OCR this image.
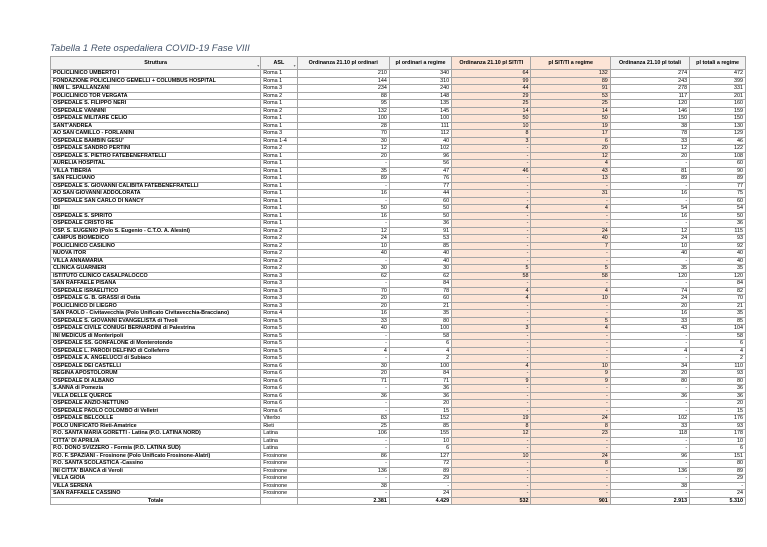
Tabella 1 Rete ospedaliera COVID-19 Fase VIII
Struttura ▾	ASL ▾	Ordinanza 21.10 pl ordinari	pl ordinari a regime	Ordinanza 21.10 pl SIT/TI	pl SIT/TI a regime	Ordinanza 21.10 pl totali	pl totali a regime
POLICLINICO UMBERTO I	Roma 1	210	340	64	132	274	472
FONDAZIONE POLICLINICO GEMELLI + COLUMBUS HOSPITAL	Roma 1	144	310	99	89	243	399
INMI L. SPALLANZANI	Roma 3	234	240	44	91	278	331
POLICLINICO TOR VERGATA	Roma 2	88	148	29	53	117	201
OSPEDALE S. FILIPPO NERI	Roma 1	95	135	25	25	120	160
OSPEDALE VANNINI	Roma 2	132	145	14	14	146	159
OSPEDALE MILITARE CELIO	Roma 1	100	100	50	50	150	150
SANT'ANDREA	Roma 1	28	111	10	19	38	130
AO SAN CAMILLO - FORLANINI	Roma 3	70	112	8	17	78	129
OSPEDALE BAMBIN GESU'	Roma 1-4	30	40	3	6	33	46
OSPEDALE SANDRO PERTINI	Roma 2	12	102	-	20	12	122
OSPEDALE S. PIETRO FATEBENEFRATELLI	Roma 1	20	96	-	12	20	108
AURELIA HOSPITAL	Roma 1	-	56	-	4	-	60
VILLA TIBERIA	Roma 1	35	47	46	43	81	90
SAN FELICIANO	Roma 1	89	76	-	13	89	89
OSPEDALE S. GIOVANNI CALIBITA FATEBENEFRATELLI	Roma 1	-	77	-	-	-	77
AO SAN GIOVANNI ADDOLORATA	Roma 1	16	44	-	31	16	75
OSPEDALE SAN CARLO DI NANCY	Roma 1	-	60	-	-	-	60
IDI	Roma 1	50	50	4	4	54	54
OSPEDALE S. SPIRITO	Roma 1	16	50	-	-	16	50
OSPEDALE CRISTO RE	Roma 1	-	36	-	-	-	36
OSP. S. EUGENIO (Polo S. Eugenio - C.T.O. A. Alesini)	Roma 2	12	91	-	24	12	115
CAMPUS BIOMEDICO	Roma 2	24	53	-	40	24	93
POLICLINICO CASILINO	Roma 2	10	85	-	7	10	92
NUOVA ITOR	Roma 2	40	40	-	-	40	40
VILLA ANNAMARIA	Roma 2	-	40	-	-	-	40
CLINICA GUARNIERI	Roma 2	30	30	5	5	35	35
ISTITUTO CLINICO CASALPALOCCO	Roma 3	62	62	58	58	120	120
SAN RAFFAELE PISANA	Roma 3	-	84	-	-	-	84
OSPEDALE ISRAELITICO	Roma 3	70	78	4	4	74	82
OSPEDALE G. B. GRASSI di Ostia	Roma 3	20	60	4	10	24	70
POLICLINICO DI LIEGRO	Roma 3	20	21	-	-	20	21
SAN PAOLO - Civitavecchia (Polo Unificato Civitavecchia-Bracciano)	Roma 4	16	35	-	-	16	35
OSPEDALE S. GIOVANNI EVANGELISTA di Tivoli	Roma 5	33	80	-	5	33	85
OSPEDALE CIVILE CONIUGI BERNARDINI di Palestrina	Roma 5	40	100	3	4	43	104
INI MEDICUS di Monteripoli	Roma 5	-	58	-	-	-	58
OSPEDALE SS. GONFALONE di Monterotondo	Roma 5	-	6	-	-	-	6
OSPEDALE L. PARODI DELFINO di Colleferro	Roma 5	4	4	-	-	4	4
OSPEDALE A. ANGELUCCI di Subiaco	Roma 5	-	2	-	-	-	2
OSPEDALE DEI CASTELLI	Roma 6	30	100	4	10	34	110
REGINA APOSTOLORUM	Roma 6	20	84	-	9	20	93
OSPEDALE DI ALBANO	Roma 6	71	71	9	9	80	80
S.ANNA di Pomezia	Roma 6	-	36	-	-	-	36
VILLA DELLE QUERCE	Roma 6	36	36	-	-	36	36
OSPEDALE ANZIO-NETTUNO	Roma 6	-	20	-	-	-	20
OSPEDALE PAOLO COLOMBO di Velletri	Roma 6	-	15	-	-	-	15
OSPEDALE BELCOLLE	Viterbo	83	152	19	24	102	176
POLO UNIFICATO Rieti-Amatrice	Rieti	25	85	8	8	33	93
P.O. SANTA MARIA GORETTI - Latina (P.O. LATINA NORD)	Latina	106	155	12	23	118	178
CITTA' DI APRILIA	Latina	-	10	-	-	-	10
P.O. DONO SVIZZERO - Formia (P.O. LATINA SUD)	Latina	-	6	-	-	-	6
P.O. F. SPAZIANI - Frosinone (Polo Unificato Frosinone-Alatri)	Frosinone	86	127	10	24	96	151
P.O. SANTA SCOLASTICA -Cassino	Frosinone	-	72	-	8	-	80
INI CITTA' BIANCA di Veroli	Frosinone	136	89	-	-	136	89
VILLA GIOIA	Frosinone	-	29	-	-	-	29
VILLA SERENA	Frosinone	38	-	-	-	38	-
SAN RAFFAELE CASSINO	Frosinone	-	24	-	-	-	24
Totale		2.381	4.429	532	901	2.913	5.310
